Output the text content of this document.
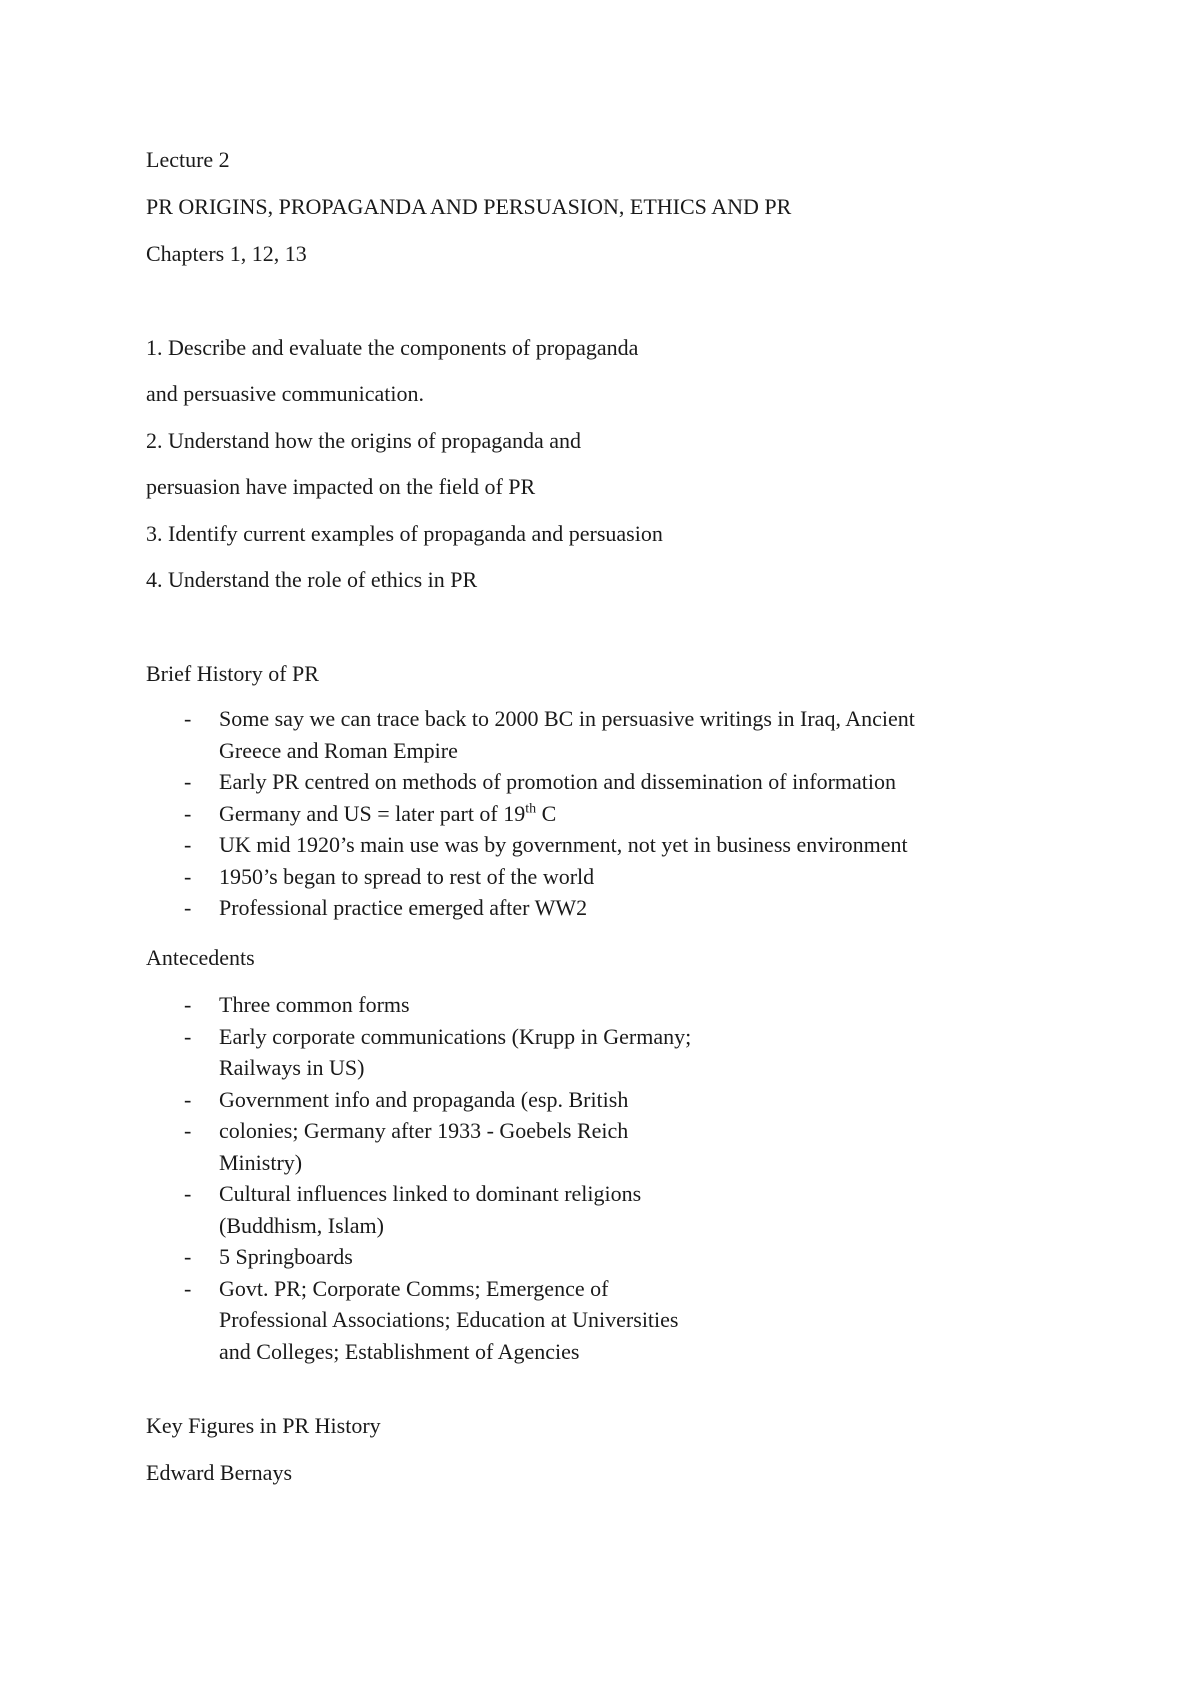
Lecture 2
PR ORIGINS, PROPAGANDA AND PERSUASION, ETHICS AND PR
Chapters 1, 12, 13
1. Describe and evaluate the components of propaganda
and persuasive communication.
2. Understand how the origins of propaganda and
persuasion have impacted on the field of PR
3. Identify current examples of propaganda and persuasion
4. Understand the role of ethics in PR
Brief History of PR
- Some say we can trace back to 2000 BC in persuasive writings in Iraq, Ancient
Greece and Roman Empire
- Early PR centred on methods of promotion and dissemination of information
- Germany and US = later part of 19th C
- UK mid 1920’s main use was by government, not yet in business environment
- 1950’s began to spread to rest of the world
- Professional practice emerged after WW2
Antecedents
- Three common forms
- Early corporate communications (Krupp in Germany;
Railways in US)
- Government info and propaganda (esp. British
- colonies; Germany after 1933 - Goebels Reich
Ministry)
- Cultural influences linked to dominant religions
(Buddhism, Islam)
- 5 Springboards
- Govt. PR; Corporate Comms; Emergence of
Professional Associations; Education at Universities
and Colleges; Establishment of Agencies
Key Figures in PR History
Edward Bernays
